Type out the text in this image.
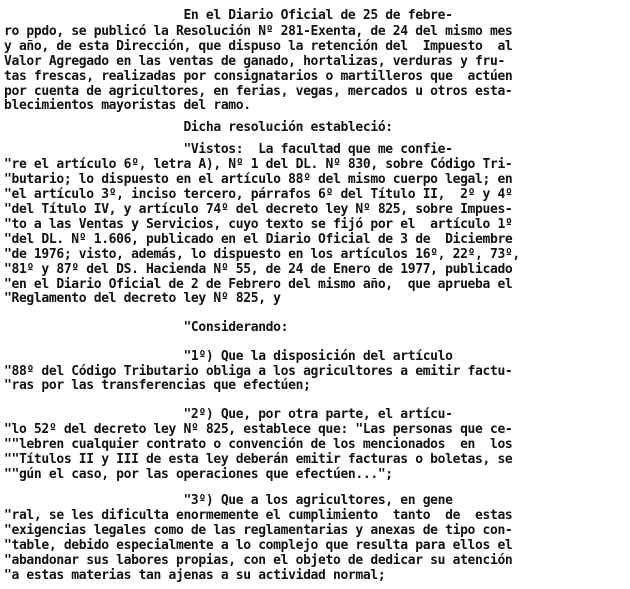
En el Diario Oficial de 25 de febre-
ro ppdo, se publicó la Resolución Nº 281-Exenta, de 24 del mismo mes
y año, de esta Dirección, que dispuso la retención del  Impuesto  al
Valor Agregado en las ventas de ganado, hortalizas, verduras y fru-
tas frescas, realizadas por consignatarios o martilleros que  actúen
por cuenta de agricultores, en ferias, vegas, mercados u otros esta-
blecimientos mayoristas del ramo.
Dicha resolución estableció:
"Vistos:  La facultad que me confie-
"re el artículo 6º, letra A), Nº 1 del DL. Nº 830, sobre Código Tri-
"butario; lo dispuesto en el artículo 88º del mismo cuerpo legal; en
"el artículo 3º, inciso tercero, párrafos 6º del Título II,  2º y 4º
"del Título IV, y artículo 74º del decreto ley Nº 825, sobre Impues-
"to a las Ventas y Servicios, cuyo texto se fijó por el  artículo 1º
"del DL. Nº 1.606, publicado en el Diario Oficial de 3 de  Diciembre
"de 1976; visto, además, lo dispuesto en los artículos 16º, 22º, 73º,
"81º y 87º del DS. Hacienda Nº 55, de 24 de Enero de 1977, publicado
"en el Diario Oficial de 2 de Febrero del mismo año,  que aprueba el
"Reglamento del decreto ley Nº 825, y
"Considerando:
"1º) Que la disposición del artículo
"88º del Código Tributario obliga a los agricultores a emitir factu-
"ras por las transferencias que efectúen;
"2º) Que, por otra parte, el artícu-
"lo 52º del decreto ley Nº 825, establece que: "Las personas que ce-
""lebren cualquier contrato o convención de los mencionados  en  los
""Títulos II y III de esta ley deberán emitir facturas o boletas, se
""gún el caso, por las operaciones que efectúen...";
"3º) Que a los agricultores, en gene
"ral, se les dificulta enormemente el cumplimiento  tanto  de  estas
"exigencias legales como de las reglamentarias y anexas de tipo con-
"table, debido especialmente a lo complejo que resulta para ellos el
"abandonar sus labores propias, con el objeto de dedicar su atención
"a estas materias tan ajenas a su actividad normal;
